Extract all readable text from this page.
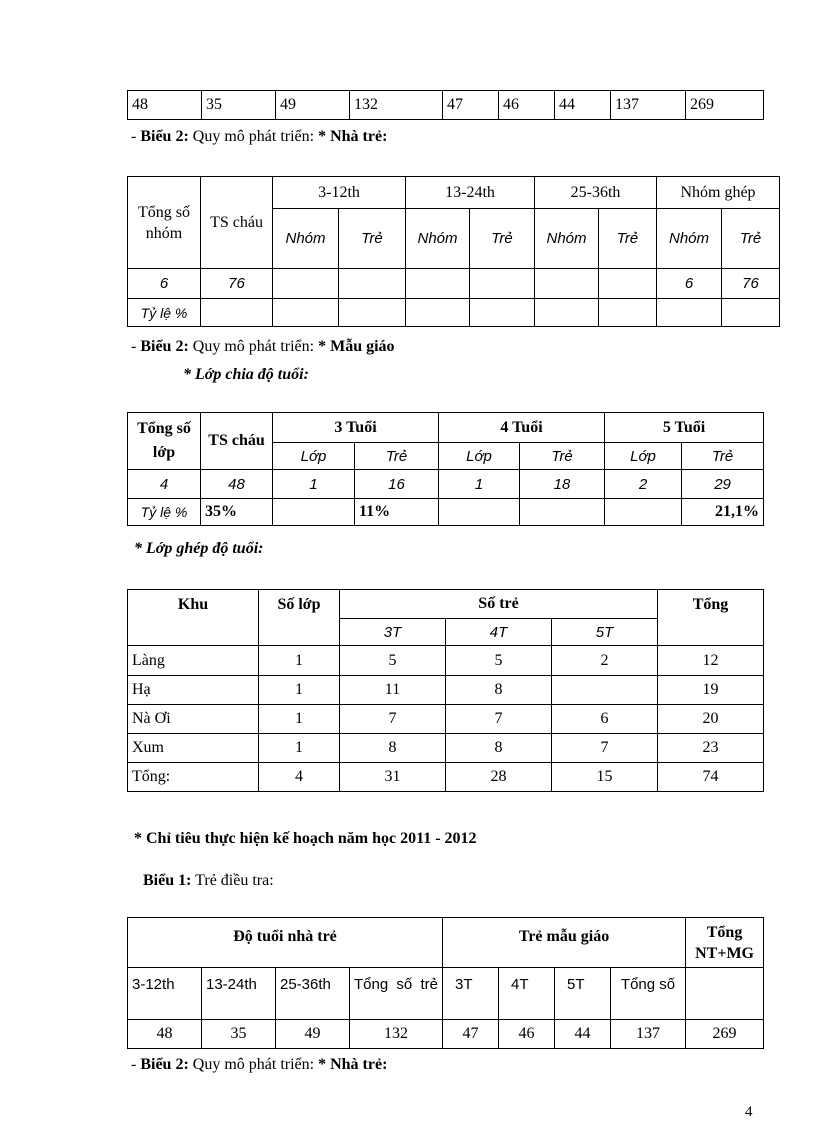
48	35	49	132	47	46	44	137	269
- Biểu 2: Quy mô phát triển: * Nhà trẻ:
Tổng số nhóm	TS cháu	3-12th		13-24th		25-36th		Nhóm ghép	
		Nhóm	Trẻ	Nhóm	Trẻ	Nhóm	Trẻ	Nhóm	Trẻ
6	76							6	76
Tỷ lệ %									
- Biểu 2: Quy mô phát triển: * Mẫu giáo
* Lớp chia độ tuổi:
Tổng số lớp	TS cháu	3 Tuổi		4 Tuổi		5 Tuổi	
		Lớp	Trẻ	Lớp	Trẻ	Lớp	Trẻ
4	48	1	16	1	18	2	29
Tỷ lệ %	35%		11%				21,1%
* Lớp ghép độ tuổi:
Khu	Số lớp	Số trẻ			Tổng
		3T	4T	5T	
Làng	1	5	5	2	12
Hạ	1	11	8		19
Nà Ơi	1	7	7	6	20
Xum	1	8	8	7	23
Tổng:	4	31	28	15	74
* Chỉ tiêu thực hiện kế hoạch năm học 2011 - 2012
Biểu 1: Trẻ điều tra:
Độ tuổi nhà trẻ				Trẻ mẫu giáo				Tổng NT+MG
3-12th	13-24th	25-36th	Tổng số trẻ	3T	4T	5T	Tổng số	
48	35	49	132	47	46	44	137	269
- Biểu 2: Quy mô phát triển: * Nhà trẻ:
4
